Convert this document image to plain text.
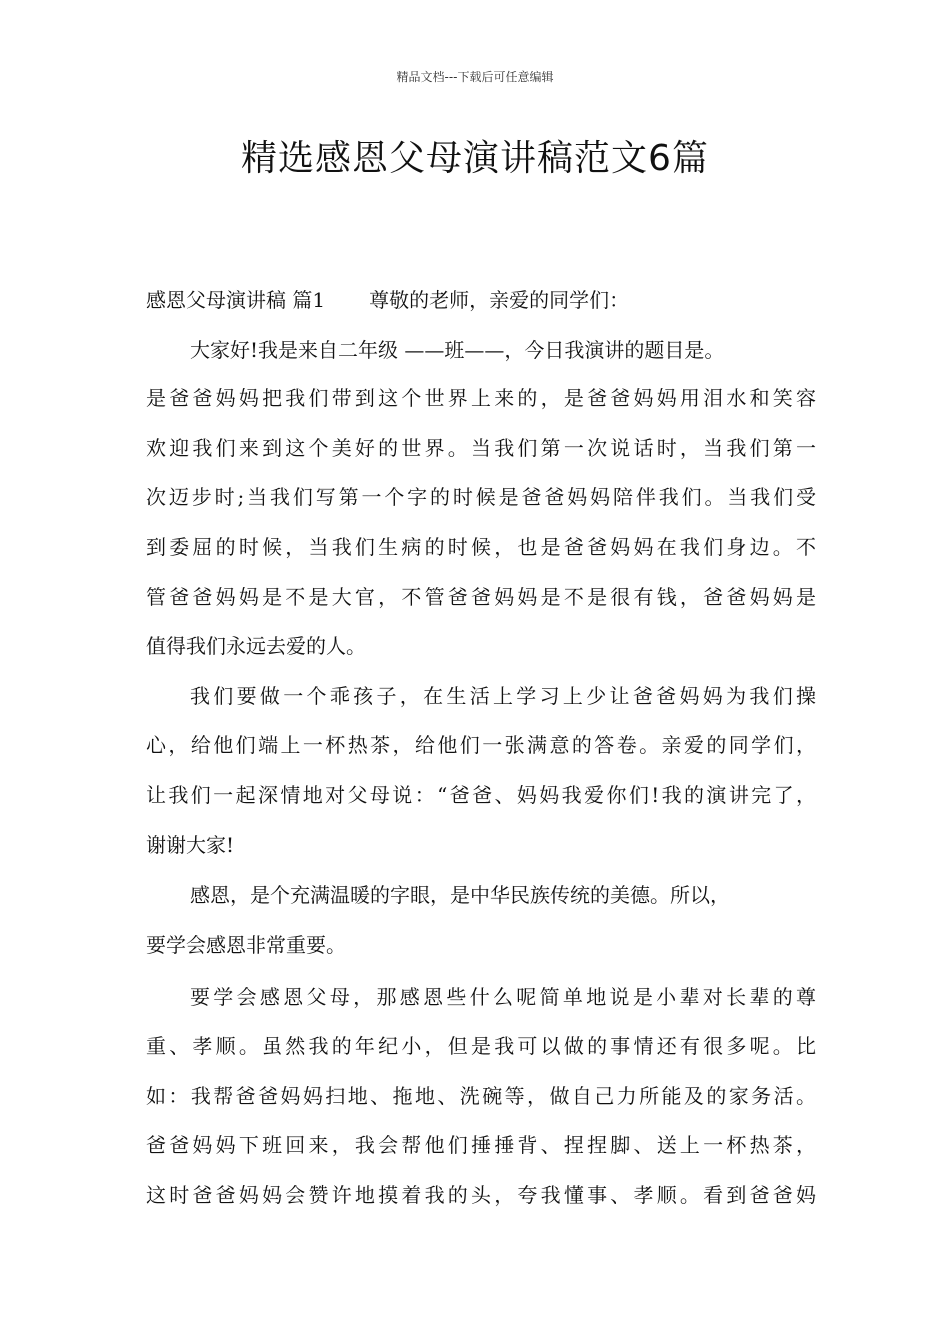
精品文档---下载后可任意编辑
精选感恩父母演讲稿范文6篇
感恩父母演讲稿 篇1 尊敬的老师，亲爱的同学们：
大家好!我是来自二年级 ——班——，今日我演讲的题目是。
是爸爸妈妈把我们带到这个世界上来的，是爸爸妈妈用泪水和笑容
欢迎我们来到这个美好的世界。当我们第一次说话时，当我们第一
次迈步时;当我们写第一个字的时候是爸爸妈妈陪伴我们。当我们受
到委屈的时候，当我们生病的时候，也是爸爸妈妈在我们身边。不
管爸爸妈妈是不是大官，不管爸爸妈妈是不是很有钱，爸爸妈妈是
值得我们永远去爱的人。
我们要做一个乖孩子，在生活上学习上少让爸爸妈妈为我们操
心，给他们端上一杯热茶，给他们一张满意的答卷。亲爱的同学们，
让我们一起深情地对父母说：“爸爸、妈妈我爱你们!我的演讲完了，
谢谢大家!
感恩，是个充满温暖的字眼，是中华民族传统的美德。所以，
要学会感恩非常重要。
要学会感恩父母，那感恩些什么呢简单地说是小辈对长辈的尊
重、孝顺。虽然我的年纪小，但是我可以做的事情还有很多呢。比
如：我帮爸爸妈妈扫地、拖地、洗碗等，做自己力所能及的家务活。
爸爸妈妈下班回来，我会帮他们捶捶背、捏捏脚、送上一杯热茶，
这时爸爸妈妈会赞许地摸着我的头，夸我懂事、孝顺。看到爸爸妈
